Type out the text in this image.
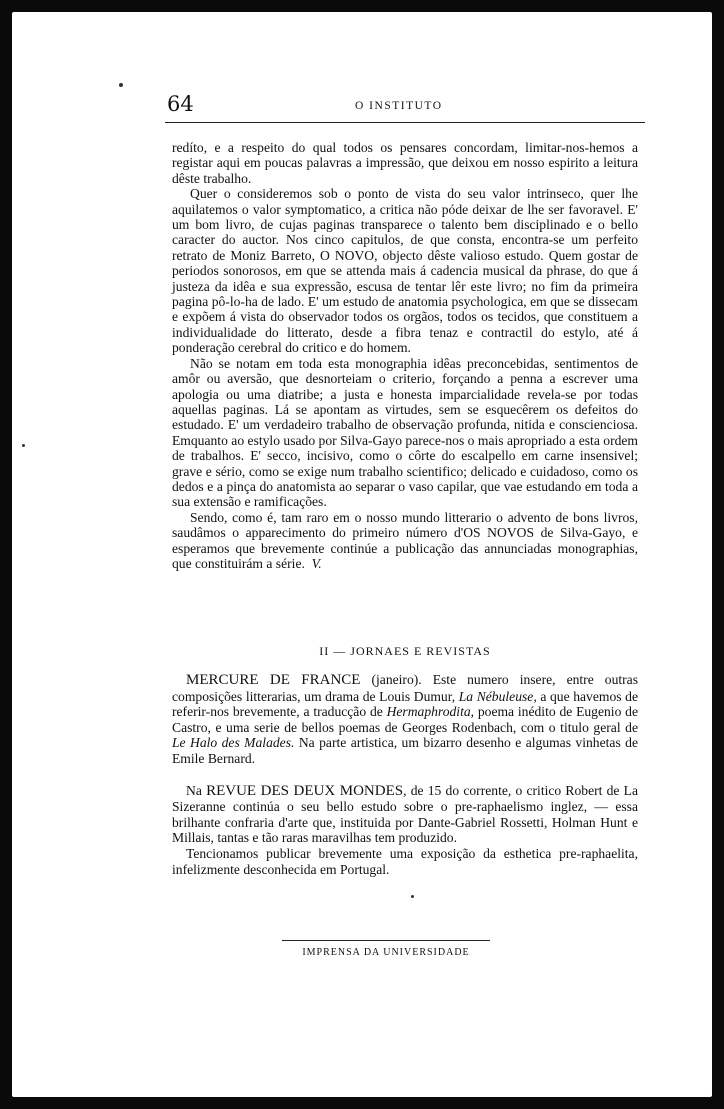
64	O INSTITUTO

redíto, e a respeito do qual todos os pensares concordam, limitar-nos-hemos a registar aqui em poucas palavras a impressão, que deixou em nosso espirito a leitura dêste trabalho.

Quer o consideremos sob o ponto de vista do seu valor intrinseco, quer lhe aquilatemos o valor symptomatico, a critica não póde deixar de lhe ser favoravel. E' um bom livro, de cujas paginas transparece o talento bem disciplinado e o bello caracter do auctor. Nos cinco capitulos, de que consta, encontra-se um perfeito retrato de Moniz Barreto, O NOVO, objecto dêste valioso estudo. Quem gostar de periodos sonorosos, em que se attenda mais á cadencia musical da phrase, do que á justeza da idêa e sua expressão, escusa de tentar lêr este livro; no fim da primeira pagina pô-lo-ha de lado. E' um estudo de anatomia psychologica, em que se dissecam e expõem á vista do observador todos os orgãos, todos os tecidos, que constituem a individualidade do litterato, desde a fibra tenaz e contractil do estylo, até á ponderação cerebral do critico e do homem.

Não se notam em toda esta monographia idêas preconcebidas, sentimentos de amôr ou aversão, que desnorteiam o criterio, forçando a penna a escrever uma apologia ou uma diatribe; a justa e honesta imparcialidade revela-se por todas aquellas paginas. Lá se apontam as virtudes, sem se esquecêrem os defeitos do estudado. E' um verdadeiro trabalho de observação profunda, nitida e conscienciosa. Emquanto ao estylo usado por Silva-Gayo parece-nos o mais apropriado a esta ordem de trabalhos. E' secco, incisivo, como o côrte do escalpello em carne insensivel; grave e sério, como se exige num trabalho scientifico; delicado e cuidadoso, como os dedos e a pinça do anatomista ao separar o vaso capilar, que vae estudando em toda a sua extensão e ramificações.

Sendo, como é, tam raro em o nosso mundo litterario o advento de bons livros, saudâmos o apparecimento do primeiro número d'OS NOVOS de Silva-Gayo, e esperamos que brevemente continúe a publicação das annunciadas monographias, que constituirám a série. V.

II — JORNAES E REVISTAS

MERCURE DE FRANCE (janeiro). Este numero insere, entre outras composições litterarias, um drama de Louis Dumur, La Nébuleuse, a que havemos de referir-nos brevemente, a traducção de Hermaphrodita, poema inédito de Eugenio de Castro, e uma serie de bellos poemas de Georges Rodenbach, com o titulo geral de Le Halo des Malades. Na parte artistica, um bizarro desenho e algumas vinhetas de Emile Bernard.

Na REVUE DES DEUX MONDES, de 15 do corrente, o critico Robert de La Sizeranne continúa o seu bello estudo sobre o pre-raphaelismo inglez, — essa brilhante confraria d'arte que, instituida por Dante-Gabriel Rossetti, Holman Hunt e Millais, tantas e tão raras maravilhas tem produzido.

Tencionamos publicar brevemente uma exposição da esthetica pre-raphaelita, infelizmente desconhecida em Portugal.

IMPRENSA DA UNIVERSIDADE
